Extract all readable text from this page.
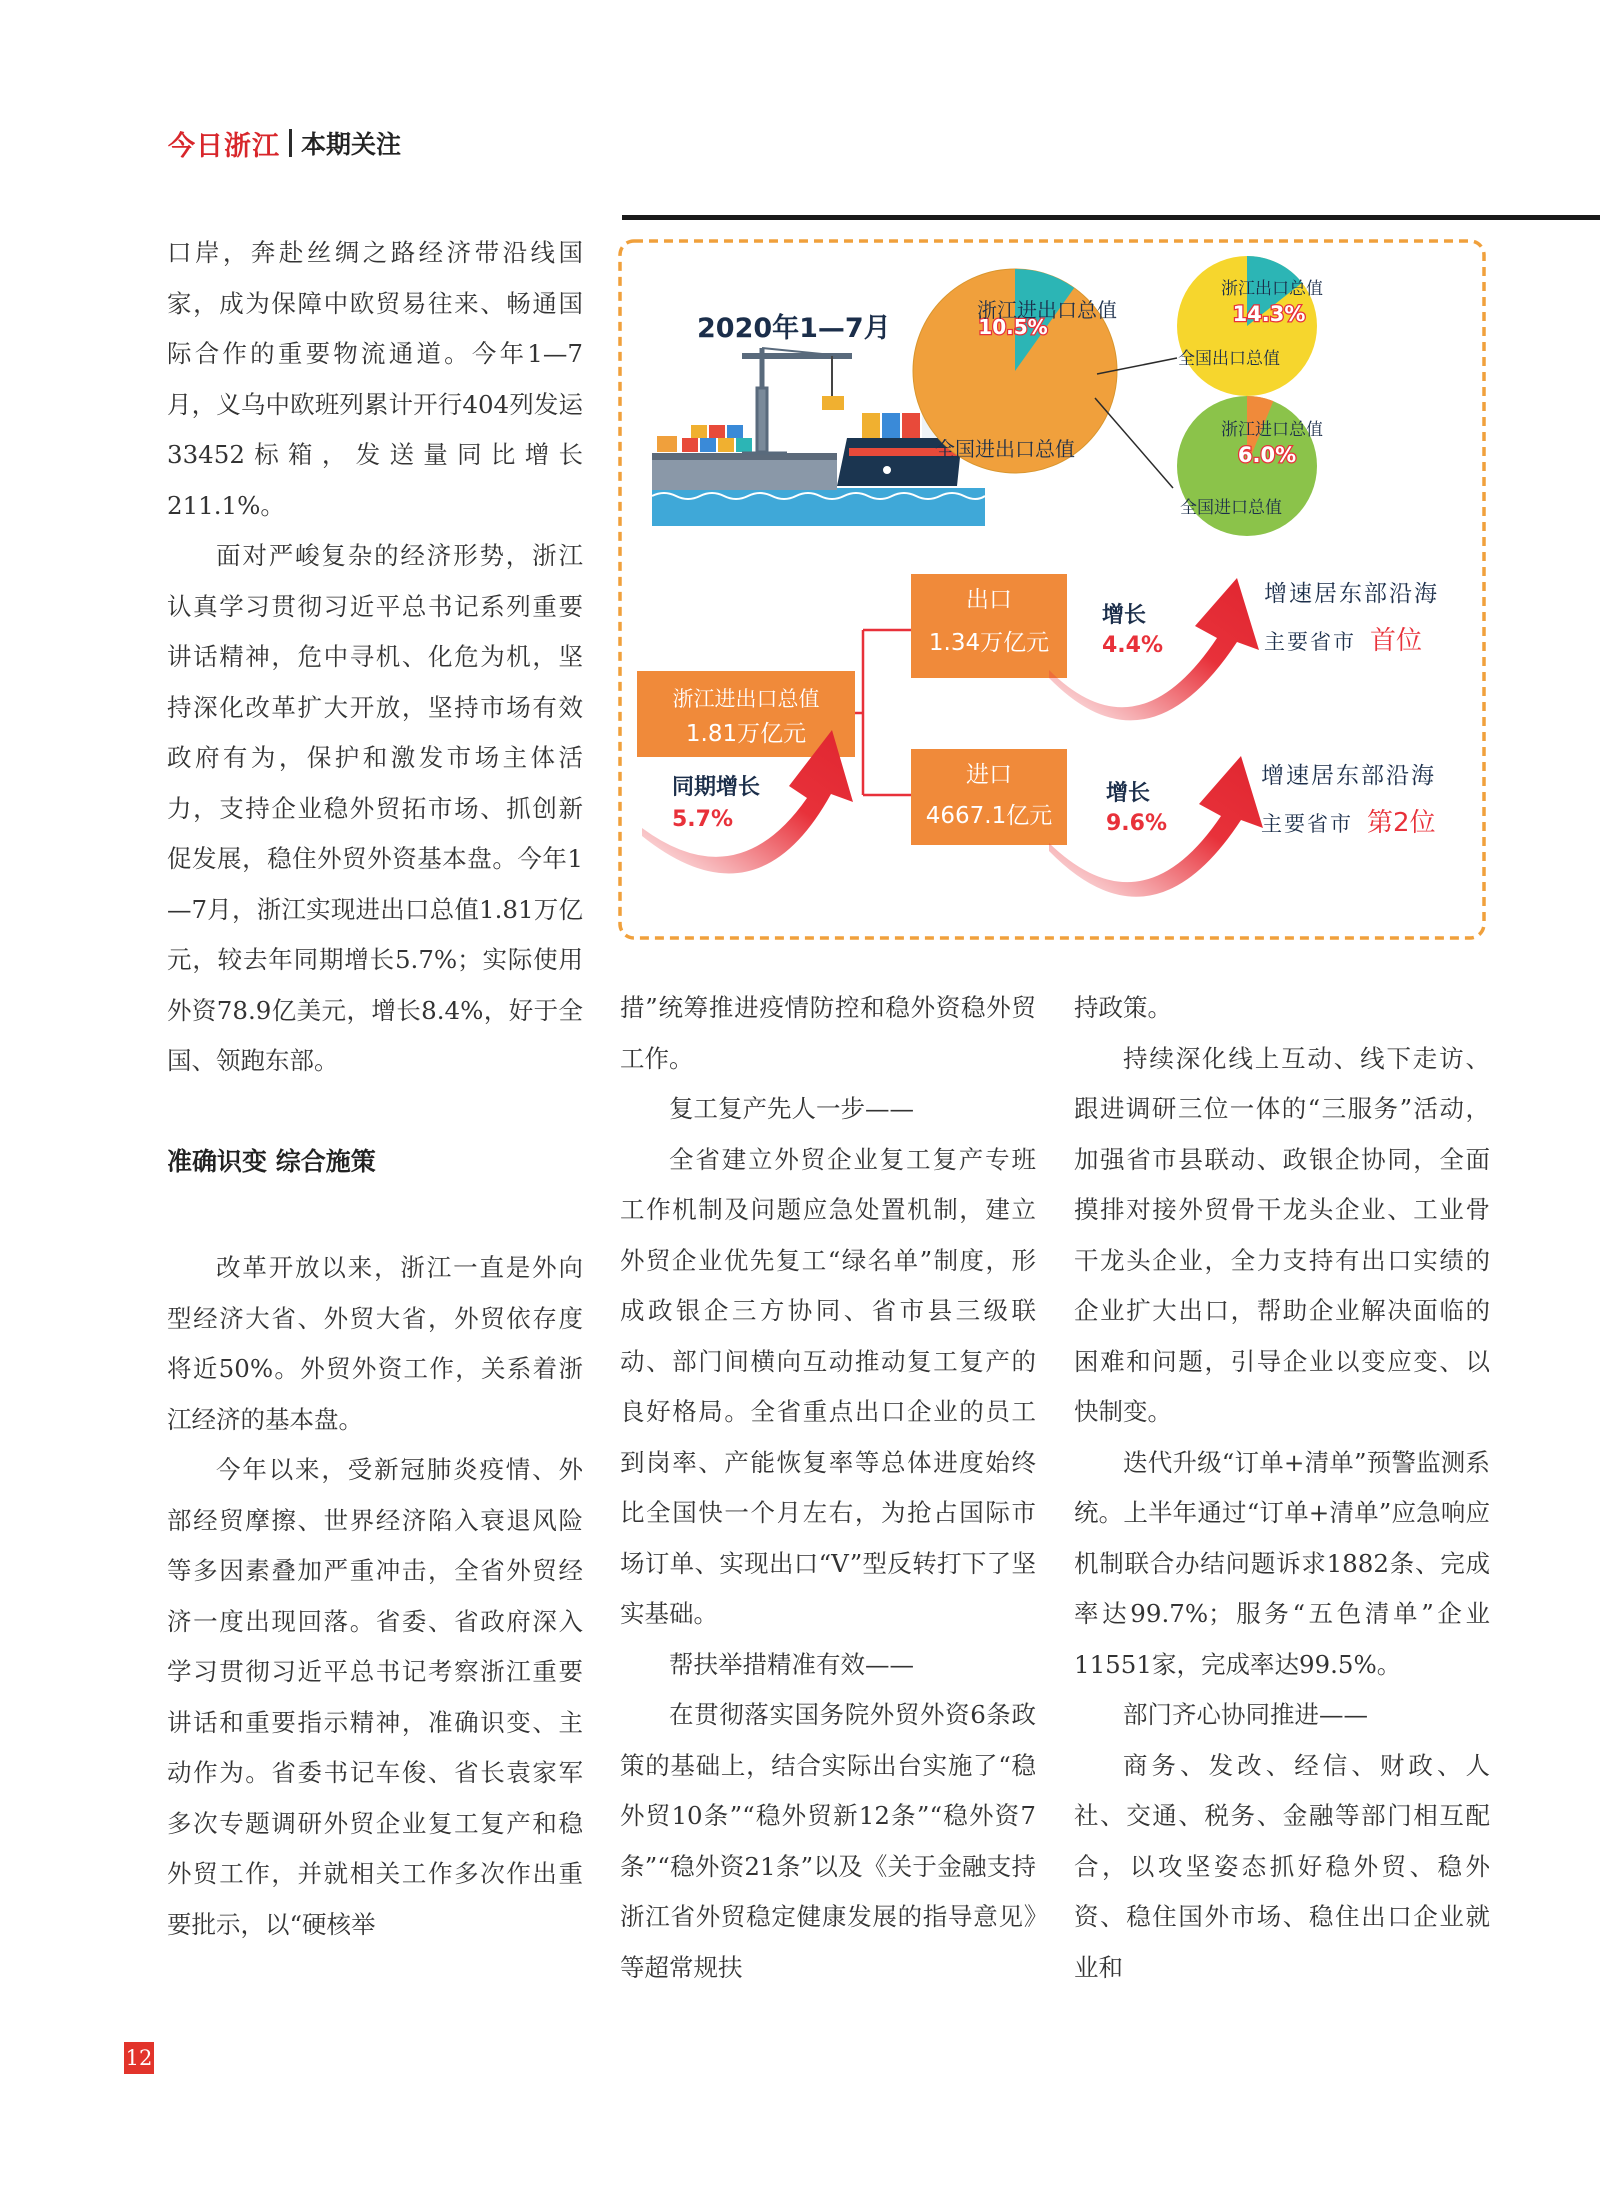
今日浙江 本期关注

口岸，奔赴丝绸之路经济带沿线国家，成为保障中欧贸易往来、畅通国际合作的重要物流通道。今年1—7月，义乌中欧班列累计开行404列发运33452标箱，发送量同比增长211.1%。

面对严峻复杂的经济形势，浙江认真学习贯彻习近平总书记系列重要讲话精神，危中寻机、化危为机，坚持深化改革扩大开放，坚持市场有效政府有为，保护和激发市场主体活力，支持企业稳外贸拓市场、抓创新促发展，稳住外贸外资基本盘。今年1—7月，浙江实现进出口总值1.81万亿元，较去年同期增长5.7%；实际使用外资78.9亿美元，增长8.4%，好于全国、领跑东部。

准确识变 综合施策

改革开放以来，浙江一直是外向型经济大省、外贸大省，外贸依存度将近50%。外贸外资工作，关系着浙江经济的基本盘。

今年以来，受新冠肺炎疫情、外部经贸摩擦、世界经济陷入衰退风险等多因素叠加严重冲击，全省外贸经济一度出现回落。省委、省政府深入学习贯彻习近平总书记考察浙江重要讲话和重要指示精神，准确识变、主动作为。省委书记车俊、省长袁家军多次专题调研外贸企业复工复产和稳外贸工作，并就相关工作多次作出重要批示，以“硬核举

措”统筹推进疫情防控和稳外资稳外贸工作。

复工复产先人一步——

全省建立外贸企业复工复产专班工作机制及问题应急处置机制，建立外贸企业优先复工“绿名单”制度，形成政银企三方协同、省市县三级联动、部门间横向互动推动复工复产的良好格局。全省重点出口企业的员工到岗率、产能恢复率等总体进度始终比全国快一个月左右，为抢占国际市场订单、实现出口“V”型反转打下了坚实基础。

帮扶举措精准有效——

在贯彻落实国务院外贸外资6条政策的基础上，结合实际出台实施了“稳外贸10条”“稳外贸新12条”“稳外资7条”“稳外资21条”以及《关于金融支持浙江省外贸稳定健康发展的指导意见》等超常规扶

持政策。

持续深化线上互动、线下走访、跟进调研三位一体的“三服务”活动，加强省市县联动、政银企协同，全面摸排对接外贸骨干龙头企业、工业骨干龙头企业，全力支持有出口实绩的企业扩大出口，帮助企业解决面临的困难和问题，引导企业以变应变、以快制变。

迭代升级“订单+清单”预警监测系统。上半年通过“订单+清单”应急响应机制联合办结问题诉求1882条、完成率达99.7%；服务“五色清单”企业11551家，完成率达99.5%。

部门齐心协同推进——

商务、发改、经信、财政、人社、交通、税务、金融等部门相互配合，以攻坚姿态抓好稳外贸、稳外资、稳住国外市场、稳住出口企业就业和

12
2020年1—7月	10.5%
浙江进出口总值
全国进出口总值
浙江出口总值
14.3%
全国出口总值
浙江进口总值
6.0%
全国进口总值
浙江进出口总值
1.81万亿元
同期增长
5.7%
出口
1.34万亿元
进口
4667.1亿元
增长
4.4%
增长
9.6%
增速居东部沿海
主要省市 首位
增速居东部沿海
主要省市 第2位
